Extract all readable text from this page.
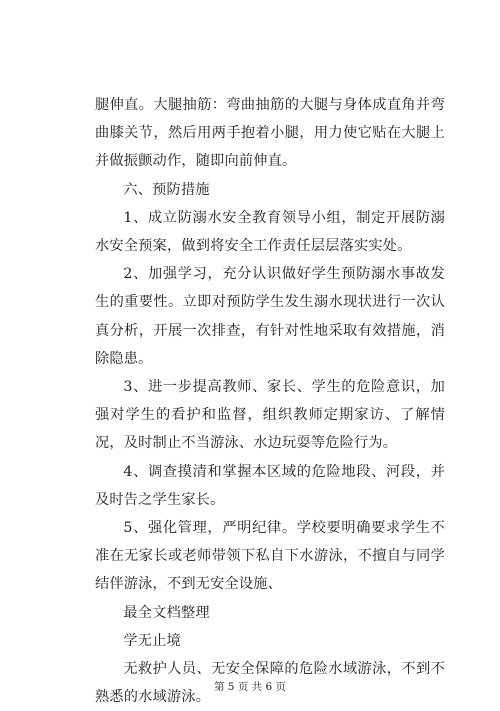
腿伸直。大腿抽筋：弯曲抽筋的大腿与身体成直角并弯曲膝关节，然后用两手抱着小腿，用力使它贴在大腿上并做振颤动作，随即向前伸直。

六、预防措施

1、成立防溺水安全教育领导小组，制定开展防溺水安全预案，做到将安全工作责任层层落实实处。

2、加强学习，充分认识做好学生预防溺水事故发生的重要性。立即对预防学生发生溺水现状进行一次认真分析，开展一次排查，有针对性地采取有效措施，消除隐患。

3、进一步提高教师、家长、学生的危险意识，加强对学生的看护和监督，组织教师定期家访、了解情况，及时制止不当游泳、水边玩耍等危险行为。

4、调查摸清和掌握本区域的危险地段、河段，并及时告之学生家长。

5、强化管理，严明纪律。学校要明确要求学生不准在无家长或老师带领下私自下水游泳，不擅自与同学结伴游泳，不到无安全设施、

最全文档整理

学无止境

无救护人员、无安全保障的危险水域游泳，不到不熟悉的水域游泳。

第 5 页 共 6 页
